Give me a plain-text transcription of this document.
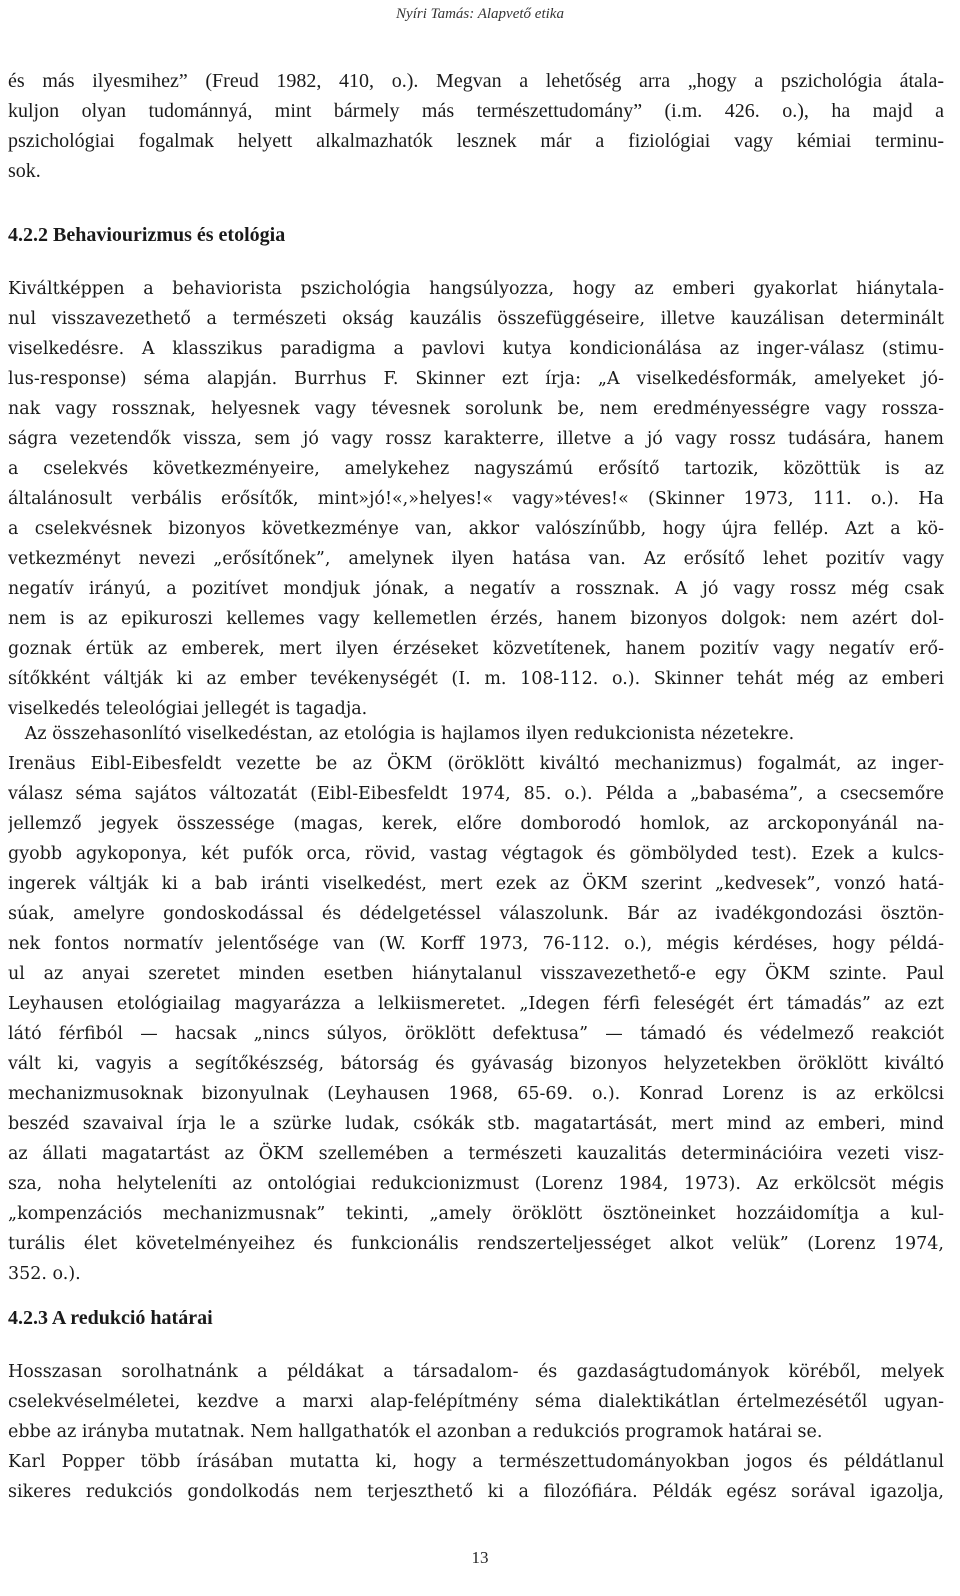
Nyíri Tamás: Alapvető etika
és más ilyesmihez” (Freud 1982, 410, o.). Megvan a lehetőség arra „hogy a pszichológia átala-
kuljon olyan tudománnyá, mint bármely más természettudomány” (i.m. 426. o.), ha majd a
pszichológiai fogalmak helyett alkalmazhatók lesznek már a fiziológiai vagy kémiai terminu-
sok.
4.2.2 Behaviourizmus és etológia
Kiváltképpen a behaviorista pszichológia hangsúlyozza, hogy az emberi gyakorlat hiánytala-
nul visszavezethető a természeti okság kauzális összefüggéseire, illetve kauzálisan determinált
viselkedésre. A klasszikus paradigma a pavlovi kutya kondicionálása az inger-válasz (stimu-
lus-response) séma alapján. Burrhus F. Skinner ezt írja: „A viselkedésformák, amelyeket jó-
nak vagy rossznak, helyesnek vagy tévesnek sorolunk be, nem eredményességre vagy rossza-
ságra vezetendők vissza, sem jó vagy rossz karakterre, illetve a jó vagy rossz tudására, hanem
a cselekvés következményeire, amelykehez nagyszámú erősítő tartozik, közöttük is az
általánosult verbális erősítők, mint»jó!«,»helyes!« vagy»téves!« (Skinner 1973, 111. o.). Ha
a cselekvésnek bizonyos következménye van, akkor valószínűbb, hogy újra fellép. Azt a kö-
vetkezményt nevezi „erősítőnek”, amelynek ilyen hatása van. Az erősítő lehet pozitív vagy
negatív irányú, a pozitívet mondjuk jónak, a negatív a rossznak. A jó vagy rossz még csak
nem is az epikuroszi kellemes vagy kellemetlen érzés, hanem bizonyos dolgok: nem azért dol-
goznak értük az emberek, mert ilyen érzéseket közvetítenek, hanem pozitív vagy negatív erő-
sítőkként váltják ki az ember tevékenységét (I. m. 108-112. o.). Skinner tehát még az emberi
viselkedés teleológiai jellegét is tagadja.
Az összehasonlító viselkedéstan, az etológia is hajlamos ilyen redukcionista nézetekre.
Irenäus Eibl-Eibesfeldt vezette be az ÖKM (öröklött kiváltó mechanizmus) fogalmát, az inger-
válasz séma sajátos változatát (Eibl-Eibesfeldt 1974, 85. o.). Példa a „babaséma”, a csecsemőre
jellemző jegyek összessége (magas, kerek, előre domborodó homlok, az arckoponyánál na-
gyobb agykoponya, két pufók orca, rövid, vastag végtagok és gömbölyded test). Ezek a kulcs-
ingerek váltják ki a bab iránti viselkedést, mert ezek az ÖKM szerint „kedvesek”, vonzó hatá-
súak, amelyre gondoskodással és dédelgetéssel válaszolunk. Bár az ivadékgondozási ösztön-
nek fontos normatív jelentősége van (W. Korff 1973, 76-112. o.), mégis kérdéses, hogy példá-
ul az anyai szeretet minden esetben hiánytalanul visszavezethető-e egy ÖKM szinte. Paul
Leyhausen etológiailag magyarázza a lelkiismeretet. „Idegen férfi feleségét ért támadás” az ezt
látó férfiból — hacsak „nincs súlyos, öröklött defektusa” — támadó és védelmező reakciót
vált ki, vagyis a segítőkészség, bátorság és gyávaság bizonyos helyzetekben öröklött kiváltó
mechanizmusoknak bizonyulnak (Leyhausen 1968, 65-69. o.). Konrad Lorenz is az erkölcsi
beszéd szavaival írja le a szürke ludak, csókák stb. magatartását, mert mind az emberi, mind
az állati magatartást az ÖKM szellemében a természeti kauzalitás determinációira vezeti visz-
sza, noha helyteleníti az ontológiai redukcionizmust (Lorenz 1984, 1973). Az erkölcsöt mégis
„kompenzációs mechanizmusnak” tekinti, „amely öröklött ösztöneinket hozzáidomítja a kul-
turális élet követelményeihez és funkcionális rendszerteljességet alkot velük” (Lorenz 1974,
352. o.).
4.2.3 A redukció határai
Hosszasan sorolhatnánk a példákat a társadalom- és gazdaságtudományok köréből, melyek
cselekvéselméletei, kezdve a marxi alap-felépítmény séma dialektikátlan értelmezésétől ugyan-
ebbe az irányba mutatnak. Nem hallgathatók el azonban a redukciós programok határai se.
Karl Popper több írásában mutatta ki, hogy a természettudományokban jogos és példátlanul
sikeres redukciós gondolkodás nem terjeszthető ki a filozófiára. Példák egész sorával igazolja,
13
